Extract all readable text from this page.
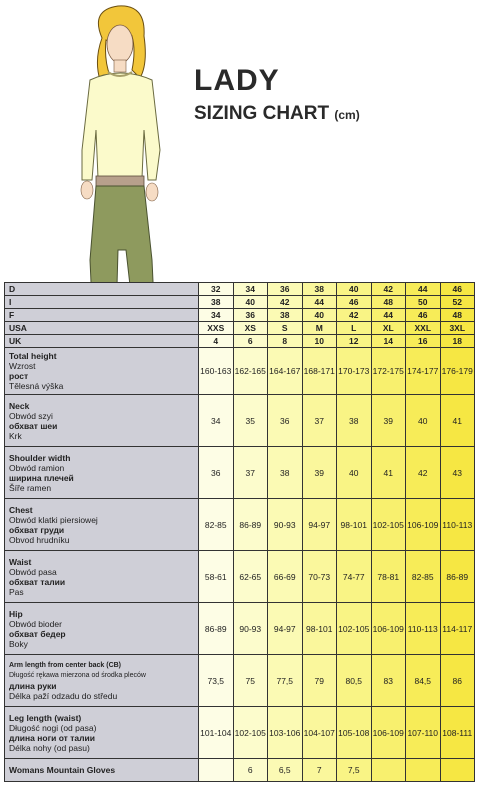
LADY
SIZING CHART (cm)
D	32	34	36	38	40	42	44	46
I	38	40	42	44	46	48	50	52
F	34	36	38	40	42	44	46	48
USA	XXS	XS	S	M	L	XL	XXL	3XL
UK	4	6	8	10	12	14	16	18

Total height
Wzrost
рост
Tělesná výška	160-163	162-165	164-167	168-171	170-173	172-175	174-177	176-179

Neck
Obwód szyi
обхват шеи
Krk	34	35	36	37	38	39	40	41

Shoulder width
Obwód ramion
ширина плечей
Šíře ramen	36	37	38	39	40	41	42	43

Chest
Obwód klatki piersiowej
обхват груди
Obvod hrudníku	82-85	86-89	90-93	94-97	98-101	102-105	106-109	110-113

Waist
Obwód pasa
обхват талии
Pas	58-61	62-65	66-69	70-73	74-77	78-81	82-85	86-89

Hip
Obwód bioder
обхват бедер
Boky	86-89	90-93	94-97	98-101	102-105	106-109	110-113	114-117

Arm length from center back (CB)
Długość rękawa mierzona od środka pleców
длина руки
Délka paží odzadu do středu	73,5	75	77,5	79	80,5	83	84,5	86

Leg length (waist)
Długość nogi (od pasa)
длина ноги от талии
Délka nohy (od pasu)	101-104	102-105	103-106	104-107	105-108	106-109	107-110	108-111
Womans Mountain Gloves		6	6,5	7	7,5			
